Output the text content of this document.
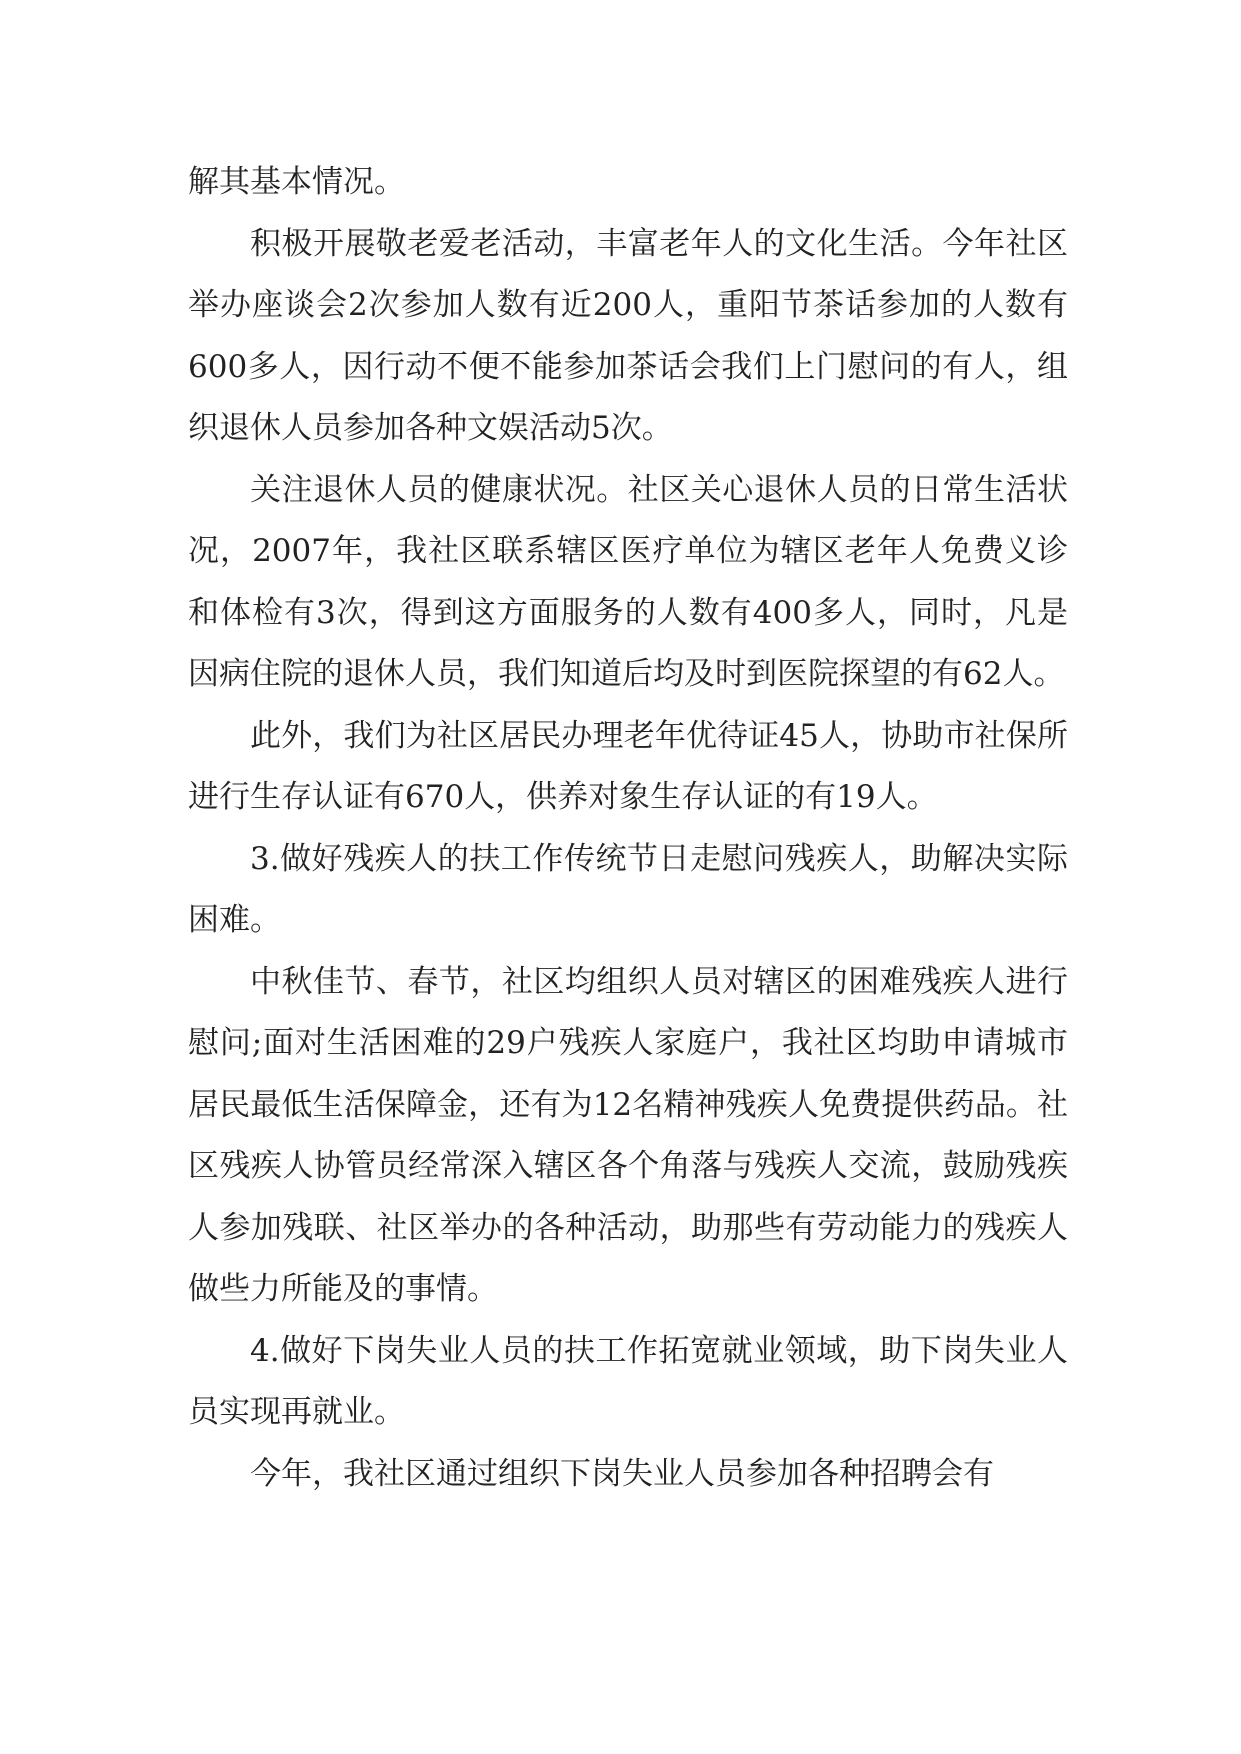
解其基本情况。

积极开展敬老爱老活动，丰富老年人的文化生活。今年社区举办座谈会2次参加人数有近200人，重阳节茶话参加的人数有600多人，因行动不便不能参加茶话会我们上门慰问的有人，组织退休人员参加各种文娱活动5次。

关注退休人员的健康状况。社区关心退休人员的日常生活状况，2007年，我社区联系辖区医疗单位为辖区老年人免费义诊和体检有3次，得到这方面服务的人数有400多人，同时，凡是因病住院的退休人员，我们知道后均及时到医院探望的有62人。

此外，我们为社区居民办理老年优待证45人，协助市社保所进行生存认证有670人，供养对象生存认证的有19人。

3.做好残疾人的扶工作传统节日走慰问残疾人，助解决实际困难。

中秋佳节、春节，社区均组织人员对辖区的困难残疾人进行慰问;面对生活困难的29户残疾人家庭户，我社区均助申请城市居民最低生活保障金，还有为12名精神残疾人免费提供药品。社区残疾人协管员经常深入辖区各个角落与残疾人交流，鼓励残疾人参加残联、社区举办的各种活动，助那些有劳动能力的残疾人做些力所能及的事情。

4.做好下岗失业人员的扶工作拓宽就业领域，助下岗失业人员实现再就业。

今年，我社区通过组织下岗失业人员参加各种招聘会有
